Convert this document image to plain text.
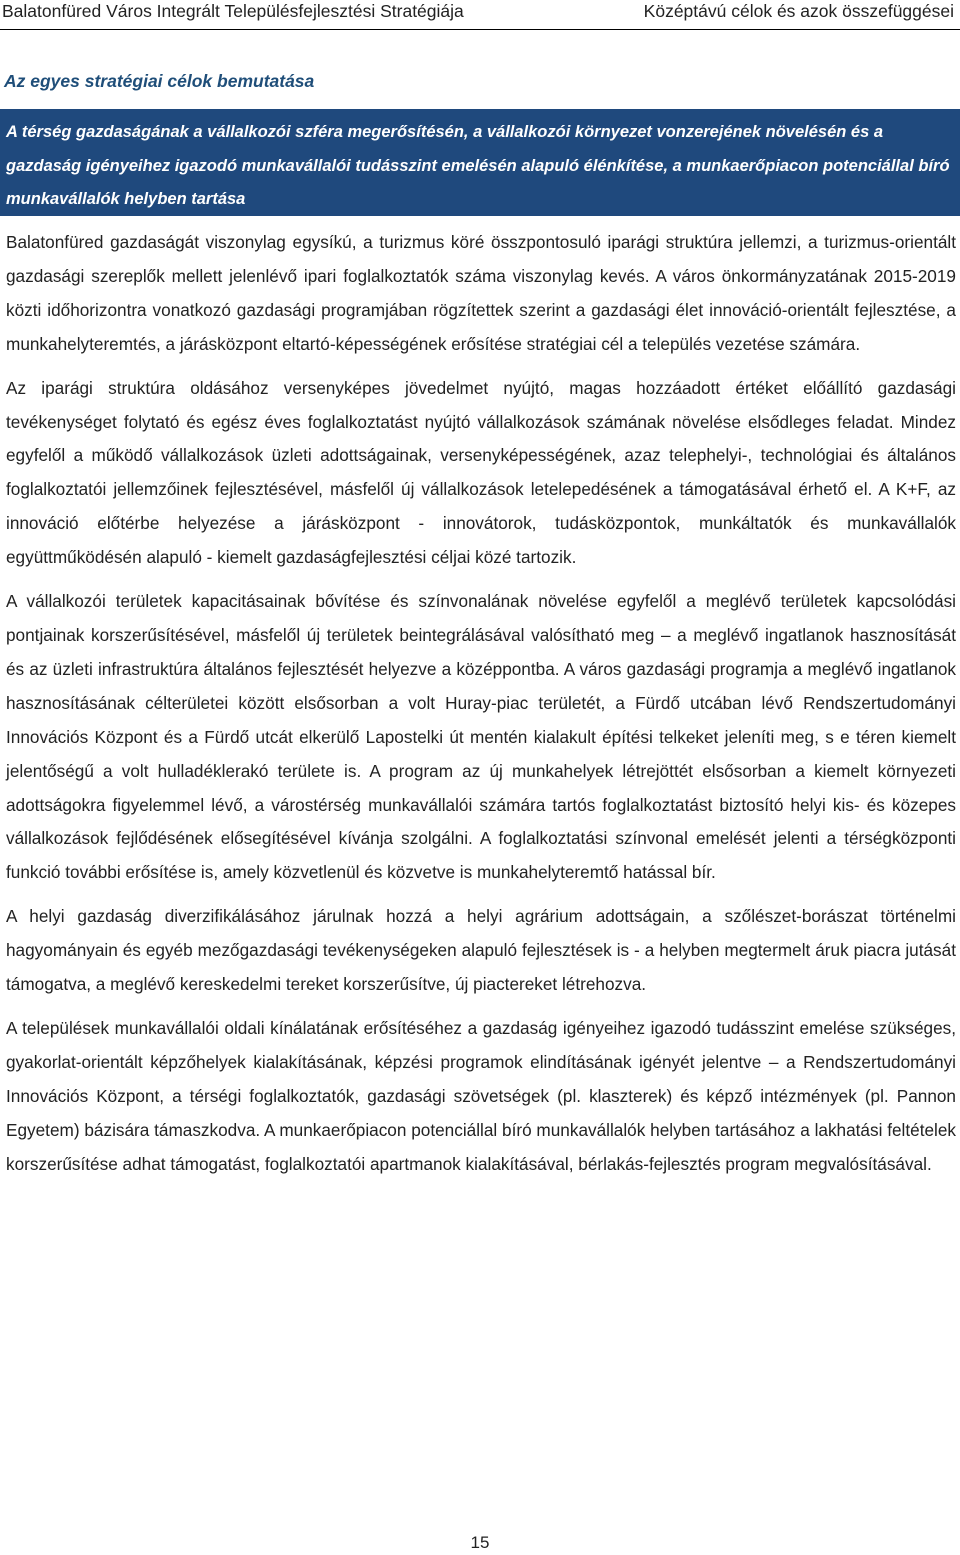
Balatonfüred Város Integrált Településfejlesztési Stratégiája	Középtávú célok és azok összefüggései
Az egyes stratégiai célok bemutatása
A térség gazdaságának a vállalkozói szféra megerősítésén, a vállalkozói környezet vonzerejének növelésén és a gazdaság igényeihez igazodó munkavállalói tudásszint emelésén alapuló élénkítése, a munkaerőpiacon potenciállal bíró munkavállalók helyben tartása

Balatonfüred gazdaságát viszonylag egysíkú, a turizmus köré összpontosuló iparági struktúra jellemzi, a turizmus-orientált gazdasági szereplők mellett jelenlévő ipari foglalkoztatók száma viszonylag kevés. A város önkormányzatának 2015-2019 közti időhorizontra vonatkozó gazdasági programjában rögzítettek szerint a gazdasági élet innováció-orientált fejlesztése, a munkahelyteremtés, a járásközpont eltartó-képességének erősítése stratégiai cél a település vezetése számára.

Az iparági struktúra oldásához versenyképes jövedelmet nyújtó, magas hozzáadott értéket előállító gazdasági tevékenységet folytató és egész éves foglalkoztatást nyújtó vállalkozások számának növelése elsődleges feladat. Mindez egyfelől a működő vállalkozások üzleti adottságainak, versenyképességének, azaz telephelyi-, technológiai és általános foglalkoztatói jellemzőinek fejlesztésével, másfelől új vállalkozások letelepedésének a támogatásával érhető el. A K+F, az innováció előtérbe helyezése a járásközpont - innovátorok, tudásközpontok, munkáltatók és munkavállalók együttműködésén alapuló - kiemelt gazdaságfejlesztési céljai közé tartozik.

A vállalkozói területek kapacitásainak bővítése és színvonalának növelése egyfelől a meglévő területek kapcsolódási pontjainak korszerűsítésével, másfelől új területek beintegrálásával valósítható meg – a meglévő ingatlanok hasznosítását és az üzleti infrastruktúra általános fejlesztését helyezve a középpontba. A város gazdasági programja a meglévő ingatlanok hasznosításának célterületei között elsősorban a volt Huray-piac területét, a Fürdő utcában lévő Rendszertudományi Innovációs Központ és a Fürdő utcát elkerülő Lapostelki út mentén kialakult építési telkeket jeleníti meg, s e téren kiemelt jelentőségű a volt hulladéklerakó területe is. A program az új munkahelyek létrejöttét elsősorban a kiemelt környezeti adottságokra figyelemmel lévő, a várostérség munkavállalói számára tartós foglalkoztatást biztosító helyi kis- és közepes vállalkozások fejlődésének elősegítésével kívánja szolgálni. A foglalkoztatási színvonal emelését jelenti a térségközponti funkció további erősítése is, amely közvetlenül és közvetve is munkahelyteremtő hatással bír.

A helyi gazdaság diverzifikálásához járulnak hozzá a helyi agrárium adottságain, a szőlészet-borászat történelmi hagyományain és egyéb mezőgazdasági tevékenységeken alapuló fejlesztések is - a helyben megtermelt áruk piacra jutását támogatva, a meglévő kereskedelmi tereket korszerűsítve, új piactereket létrehozva.

A települések munkavállalói oldali kínálatának erősítéséhez a gazdaság igényeihez igazodó tudásszint emelése szükséges, gyakorlat-orientált képzőhelyek kialakításának, képzési programok elindításának igényét jelentve – a Rendszertudományi Innovációs Központ, a térségi foglalkoztatók, gazdasági szövetségek (pl. klaszterek) és képző intézmények (pl. Pannon Egyetem) bázisára támaszkodva. A munkaerőpiacon potenciállal bíró munkavállalók helyben tartásához a lakhatási feltételek korszerűsítése adhat támogatást, foglalkoztatói apartmanok kialakításával, bérlakás-fejlesztés program megvalósításával.

15
